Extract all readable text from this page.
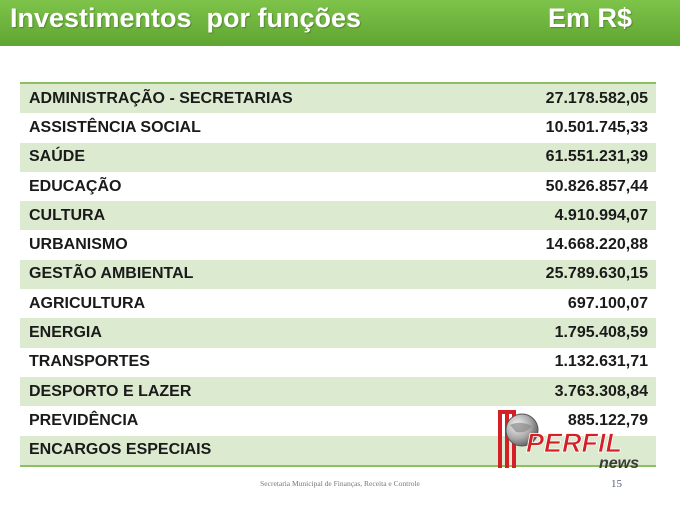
Investimentos  por funções	Em R$
ADMINISTRAÇÃO - SECRETARIAS	27.178.582,05
ASSISTÊNCIA SOCIAL	10.501.745,33
SAÚDE	61.551.231,39
EDUCAÇÃO	50.826.857,44
CULTURA	4.910.994,07
URBANISMO	14.668.220,88
GESTÃO AMBIENTAL	25.789.630,15
AGRICULTURA	697.100,07
ENERGIA	1.795.408,59
TRANSPORTES	1.132.631,71
DESPORTO E LAZER	3.763.308,84
PREVIDÊNCIA	885.122,79
ENCARGOS ESPECIAIS
Secretaria Municipal de Finanças, Receita e Controle	15
PERFIL
news
